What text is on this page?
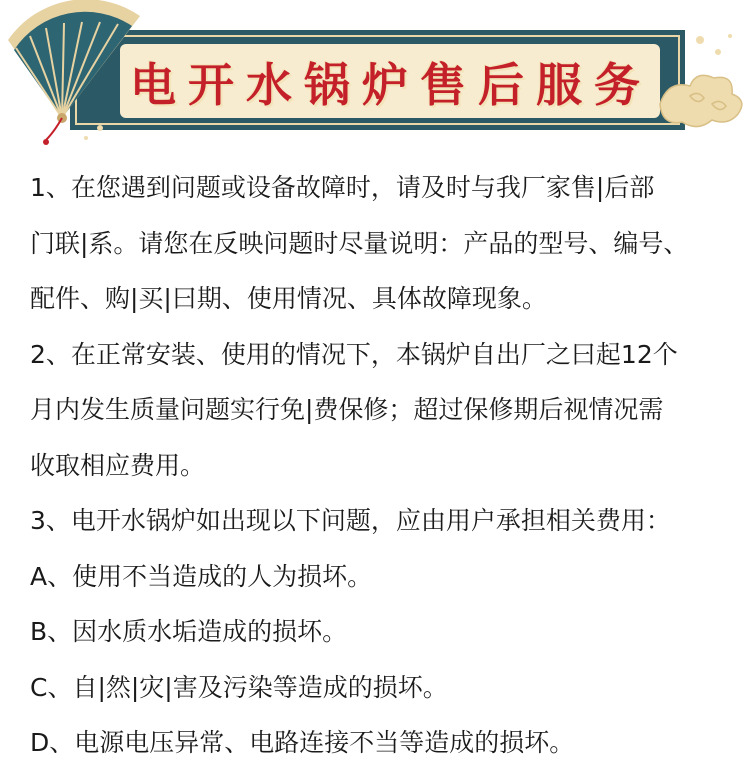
电开水锅炉售后服务

1、在您遇到问题或设备故障时，请及时与我厂家售|后部

门联|系。请您在反映问题时尽量说明：产品的型号、编号、

配件、购|买|曰期、使用情况、具体故障现象。

2、在正常安装、使用的情况下，本锅炉自出厂之曰起12个

月内发生质量问题实行免|费保修；超过保修期后视情况需

收取相应费用。

3、电开水锅炉如出现以下问题，应由用户承担相关费用：

A、使用不当造成的人为损坏。

B、因水质水垢造成的损坏。

C、自|然|灾|害及污染等造成的损坏。

D、电源电压异常、电路连接不当等造成的损坏。
